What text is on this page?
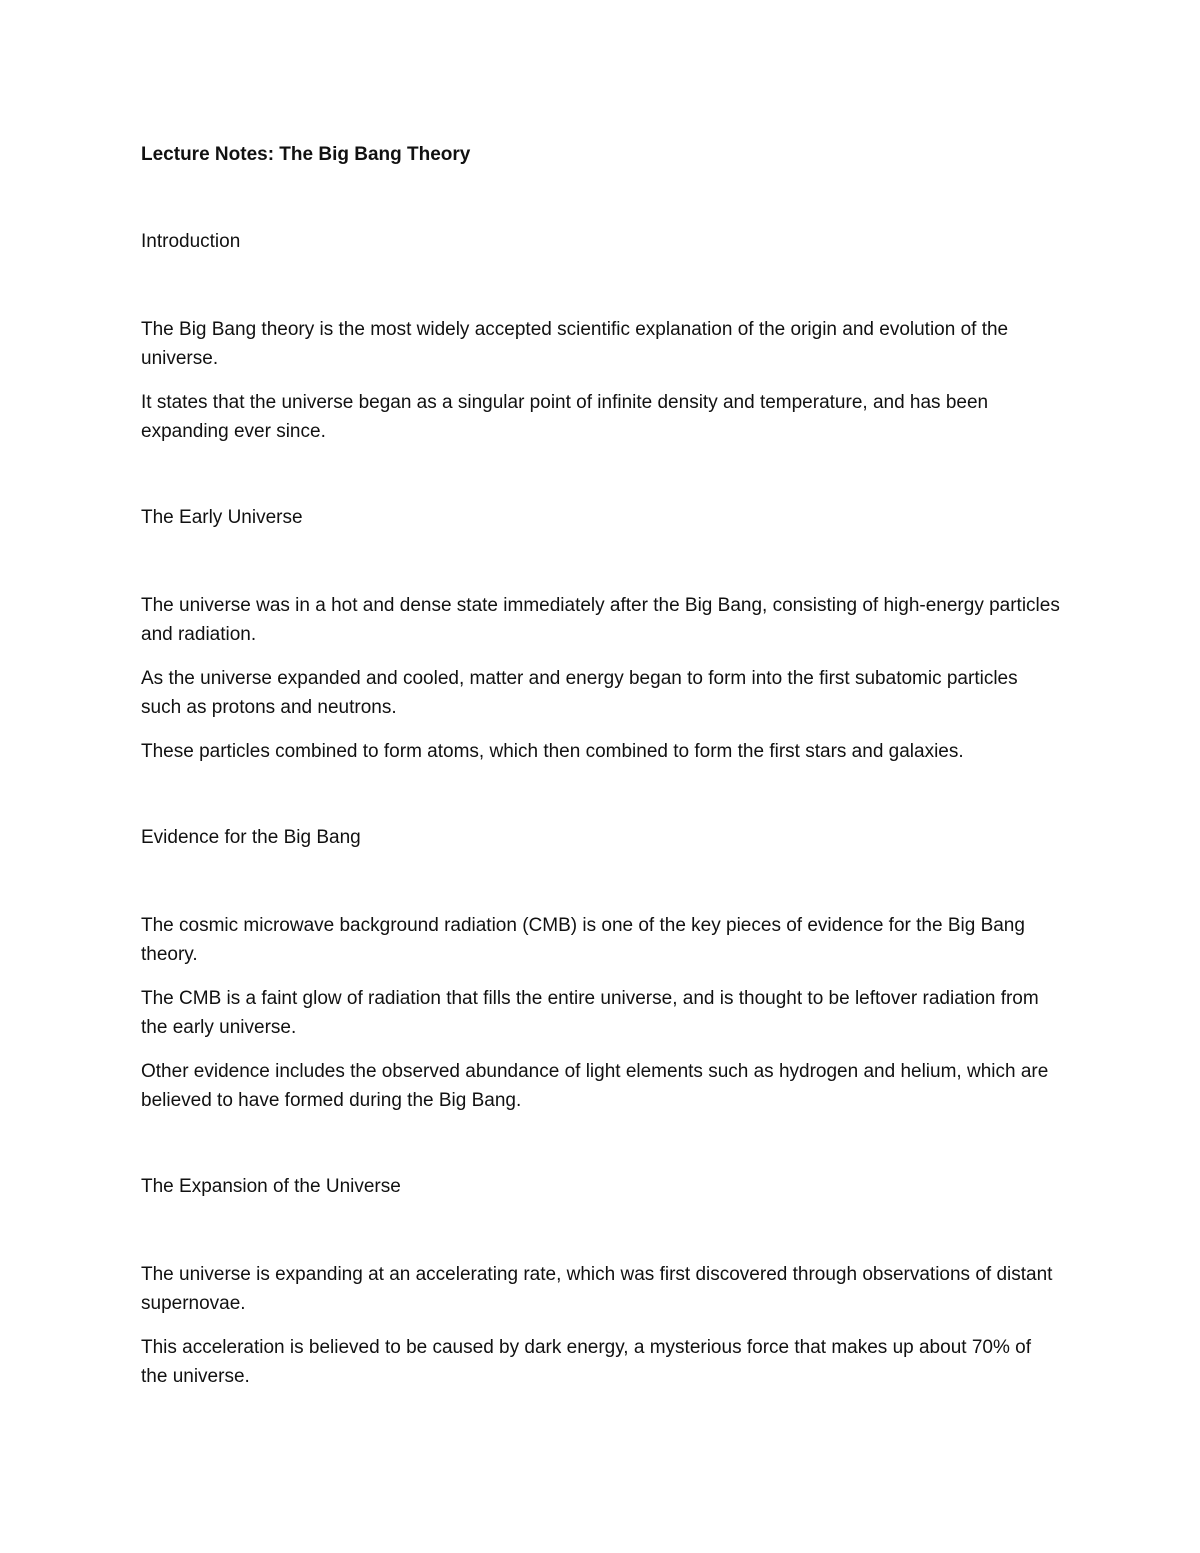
Lecture Notes: The Big Bang Theory
Introduction

The Big Bang theory is the most widely accepted scientific explanation of the origin and evolution of the universe.

It states that the universe began as a singular point of infinite density and temperature, and has been expanding ever since.

The Early Universe

The universe was in a hot and dense state immediately after the Big Bang, consisting of high-energy particles and radiation.

As the universe expanded and cooled, matter and energy began to form into the first subatomic particles such as protons and neutrons.

These particles combined to form atoms, which then combined to form the first stars and galaxies.

Evidence for the Big Bang

The cosmic microwave background radiation (CMB) is one of the key pieces of evidence for the Big Bang theory.

The CMB is a faint glow of radiation that fills the entire universe, and is thought to be leftover radiation from the early universe.

Other evidence includes the observed abundance of light elements such as hydrogen and helium, which are believed to have formed during the Big Bang.

The Expansion of the Universe

The universe is expanding at an accelerating rate, which was first discovered through observations of distant supernovae.

This acceleration is believed to be caused by dark energy, a mysterious force that makes up about 70% of the universe.
